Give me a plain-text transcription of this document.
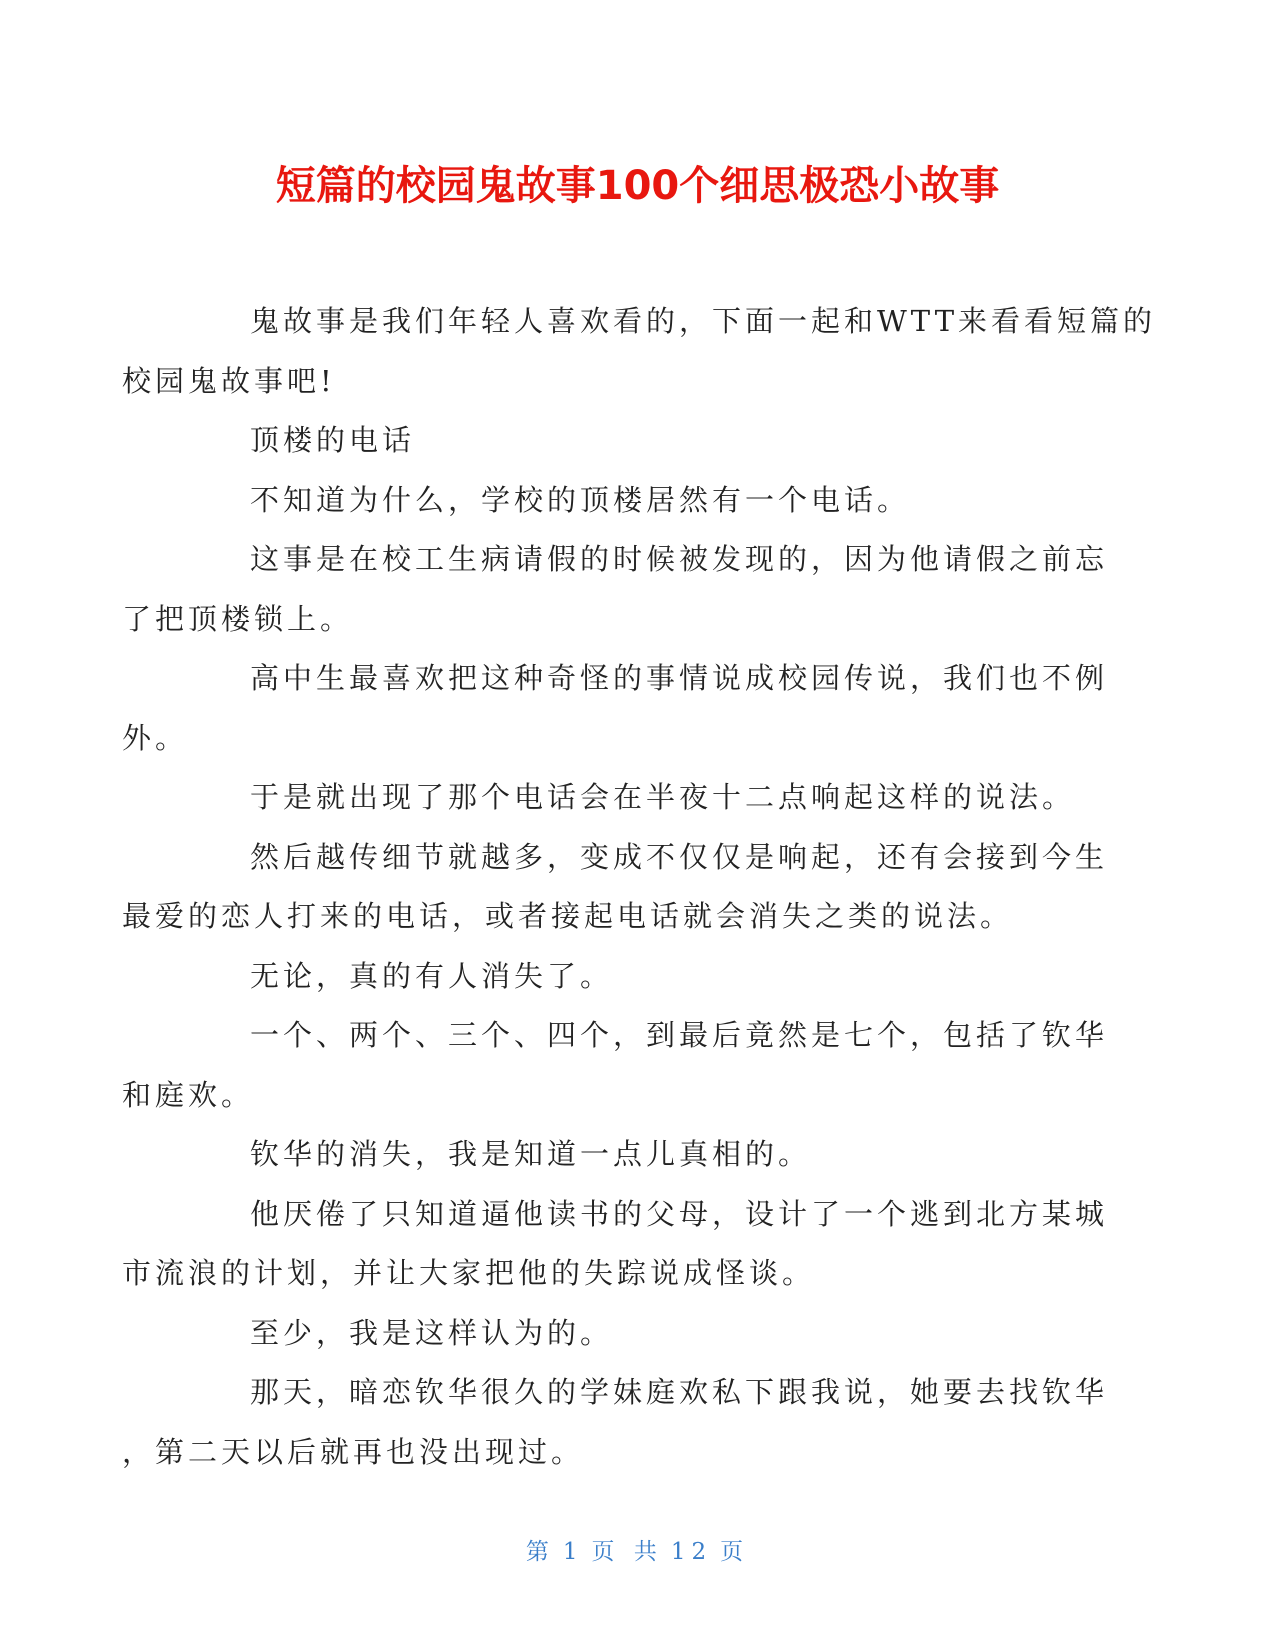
短篇的校园鬼故事100个细思极恐小故事

鬼故事是我们年轻人喜欢看的，下面一起和WTT来看看短篇的
校园鬼故事吧!

顶楼的电话

不知道为什么，学校的顶楼居然有一个电话。

这事是在校工生病请假的时候被发现的，因为他请假之前忘
了把顶楼锁上。

高中生最喜欢把这种奇怪的事情说成校园传说，我们也不例
外。

于是就出现了那个电话会在半夜十二点响起这样的说法。

然后越传细节就越多，变成不仅仅是响起，还有会接到今生
最爱的恋人打来的电话，或者接起电话就会消失之类的说法。

无论，真的有人消失了。

一个、两个、三个、四个，到最后竟然是七个，包括了钦华
和庭欢。

钦华的消失，我是知道一点儿真相的。

他厌倦了只知道逼他读书的父母，设计了一个逃到北方某城
市流浪的计划，并让大家把他的失踪说成怪谈。

至少，我是这样认为的。

那天，暗恋钦华很久的学妹庭欢私下跟我说，她要去找钦华
，第二天以后就再也没出现过。

第 1 页 共 12 页
